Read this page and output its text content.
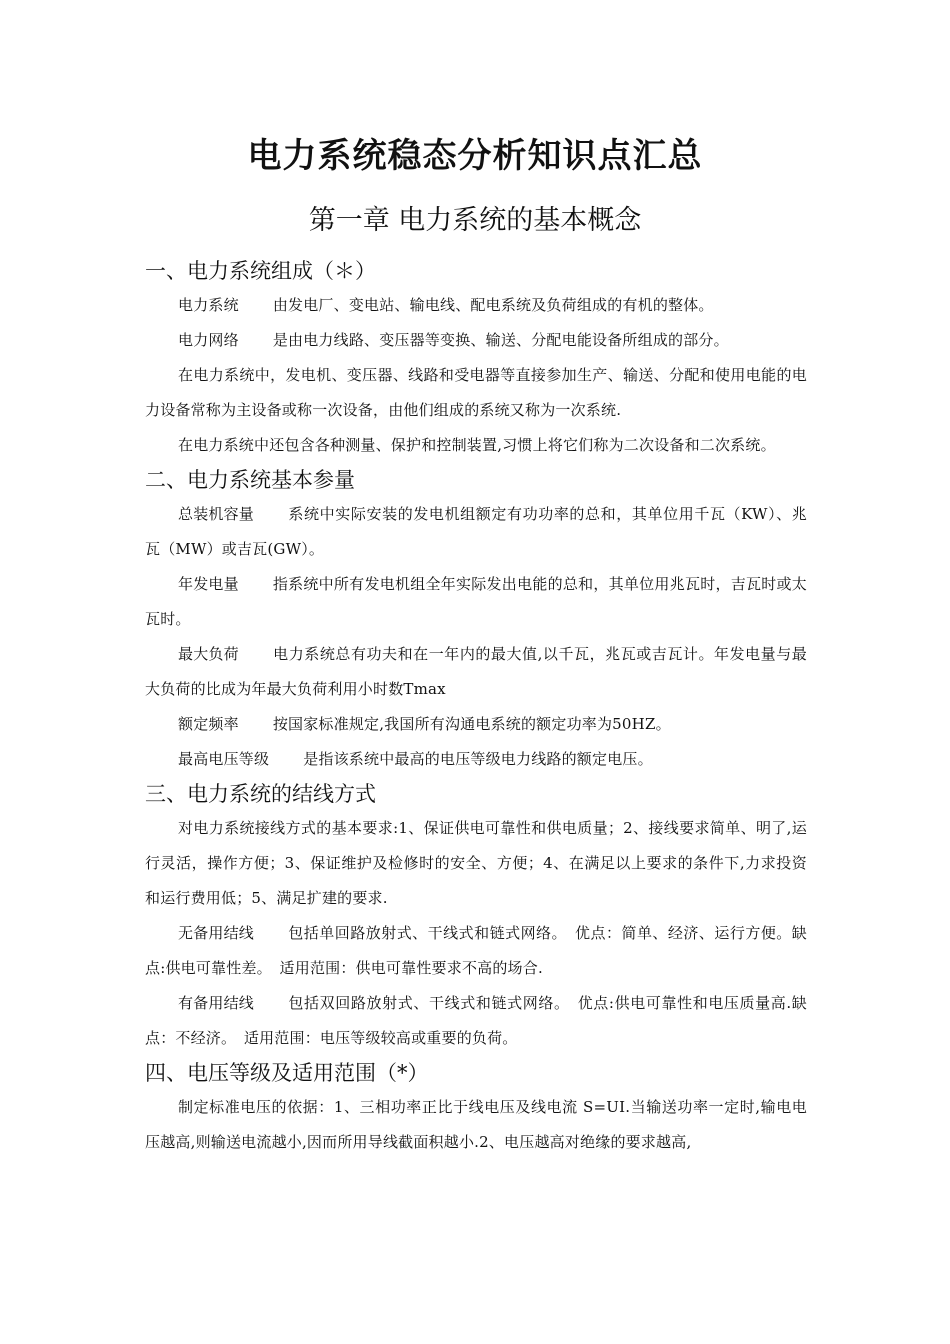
电力系统稳态分析知识点汇总
第一章 电力系统的基本概念
一、电力系统组成（＊）

电力系统 由发电厂、变电站、输电线、配电系统及负荷组成的有机的整体。

电力网络 是由电力线路、变压器等变换、输送、分配电能设备所组成的部分。

在电力系统中，发电机、变压器、线路和受电器等直接参加生产、输送、分配和使用电能的电力设备常称为主设备或称一次设备，由他们组成的系统又称为一次系统.

在电力系统中还包含各种测量、保护和控制装置,习惯上将它们称为二次设备和二次系统。

二、电力系统基本参量

总装机容量 系统中实际安装的发电机组额定有功功率的总和，其单位用千瓦（KW）、兆瓦（MW）或吉瓦(GW）。

年发电量 指系统中所有发电机组全年实际发出电能的总和，其单位用兆瓦时，吉瓦时或太瓦时。

最大负荷 电力系统总有功夫和在一年内的最大值,以千瓦，兆瓦或吉瓦计。年发电量与最大负荷的比成为年最大负荷利用小时数Tmax

额定频率 按国家标准规定,我国所有沟通电系统的额定功率为50HZ。

最高电压等级 是指该系统中最高的电压等级电力线路的额定电压。

三、电力系统的结线方式

对电力系统接线方式的基本要求:1、保证供电可靠性和供电质量；2、接线要求简单、明了,运行灵活，操作方便；3、保证维护及检修时的安全、方便；4、在满足以上要求的条件下,力求投资和运行费用低；5、满足扩建的要求.

无备用结线 包括单回路放射式、干线式和链式网络。　优点：简单、经济、运行方便。缺点:供电可靠性差。　适用范围：供电可靠性要求不高的场合.

有备用结线 包括双回路放射式、干线式和链式网络。　优点:供电可靠性和电压质量高.缺点：不经济。　适用范围：电压等级较高或重要的负荷。

四、电压等级及适用范围（*）

制定标准电压的依据：1、三相功率正比于线电压及线电流 S=UI.当输送功率一定时,输电电压越高,则输送电流越小,因而所用导线截面积越小.2、电压越高对绝缘的要求越高,
